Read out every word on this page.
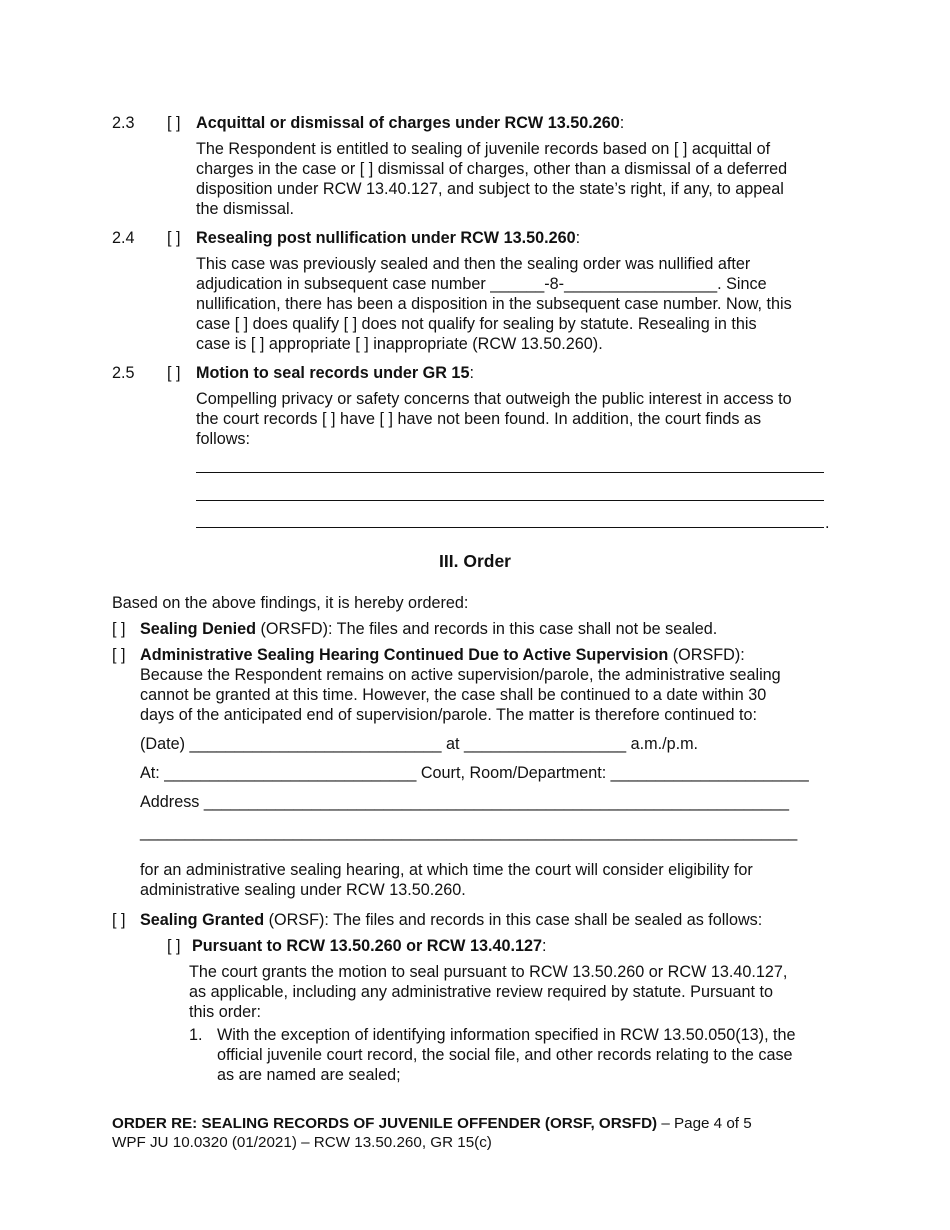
2.3 [ ] Acquittal or dismissal of charges under RCW 13.50.260:
The Respondent is entitled to sealing of juvenile records based on [ ] acquittal of
charges in the case or [ ] dismissal of charges, other than a dismissal of a deferred
disposition under RCW 13.40.127, and subject to the state’s right, if any, to appeal
the dismissal.
2.4 [ ] Resealing post nullification under RCW 13.50.260:
This case was previously sealed and then the sealing order was nullified after
adjudication in subsequent case number ______-8-_________________. Since
nullification, there has been a disposition in the subsequent case number. Now, this
case [ ] does qualify [ ] does not qualify for sealing by statute. Resealing in this
case is [ ] appropriate [ ] inappropriate (RCW 13.50.260).
2.5 [ ] Motion to seal records under GR 15:
Compelling privacy or safety concerns that outweigh the public interest in access to
the court records [ ] have [ ] have not been found. In addition, the court finds as
follows:
.
III. Order
Based on the above findings, it is hereby ordered:
[ ] Sealing Denied (ORSFD): The files and records in this case shall not be sealed.
[ ] Administrative Sealing Hearing Continued Due to Active Supervision (ORSFD):
Because the Respondent remains on active supervision/parole, the administrative sealing
cannot be granted at this time. However, the case shall be continued to a date within 30
days of the anticipated end of supervision/parole. The matter is therefore continued to:
(Date) ____________________________ at __________________ a.m./p.m.
At: ____________________________ Court, Room/Department: ______________________
Address _________________________________________________________________
_________________________________________________________________________
for an administrative sealing hearing, at which time the court will consider eligibility for
administrative sealing under RCW 13.50.260.
[ ] Sealing Granted (ORSF): The files and records in this case shall be sealed as follows:
[ ] Pursuant to RCW 13.50.260 or RCW 13.40.127:
The court grants the motion to seal pursuant to RCW 13.50.260 or RCW 13.40.127,
as applicable, including any administrative review required by statute. Pursuant to
this order:
1. With the exception of identifying information specified in RCW 13.50.050(13), the
official juvenile court record, the social file, and other records relating to the case
as are named are sealed;
ORDER RE: SEALING RECORDS OF JUVENILE OFFENDER (ORSF, ORSFD) – Page 4 of 5
WPF JU 10.0320 (01/2021) – RCW 13.50.260, GR 15(c)
